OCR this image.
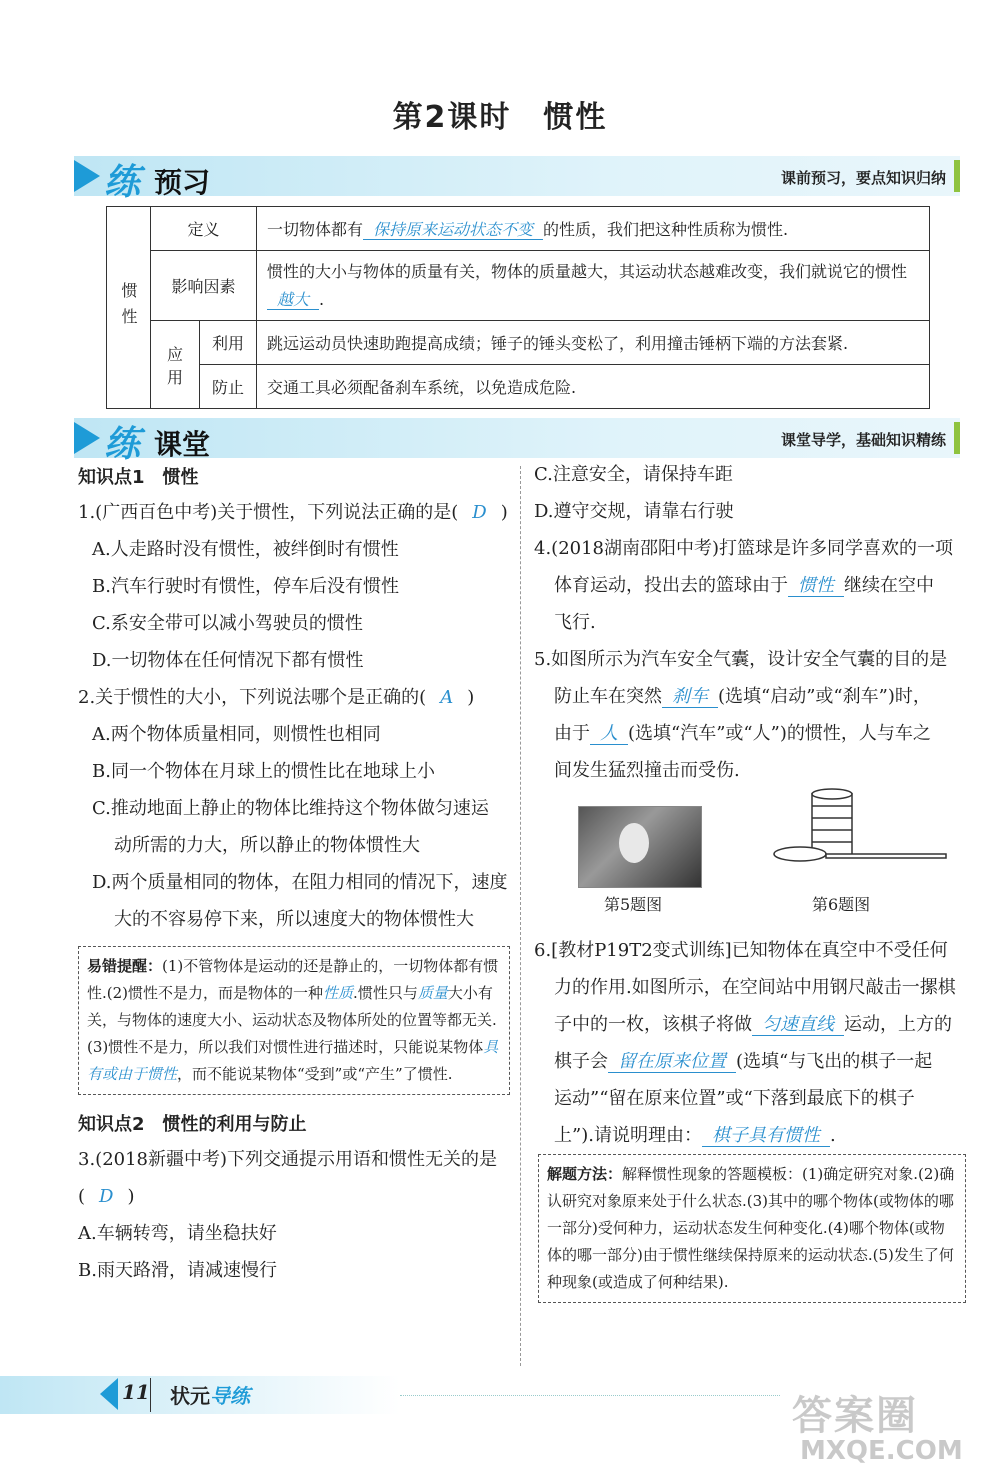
第2课时　惯性
练 预习	课前预习，要点知识归纳
惯性	定义		一切物体都有 保持原来运动状态不变 的性质，我们把这种性质称为惯性.
	影响因素		惯性的大小与物体的质量有关，物体的质量越大，其运动状态越难改变，我们就说它的惯性越大 .
	应用	利用	跳远运动员快速助跑提高成绩；锤子的锤头变松了，利用撞击锤柄下端的方法套紧.
		防止	交通工具必须配备刹车系统，以免造成危险.
练 课堂	课堂导学，基础知识精练
知识点1　惯性
1.(广西百色中考)关于惯性，下列说法正确的是( D )
A.人走路时没有惯性，被绊倒时有惯性
B.汽车行驶时有惯性，停车后没有惯性
C.系安全带可以减小驾驶员的惯性
D.一切物体在任何情况下都有惯性
2.关于惯性的大小，下列说法哪个是正确的( A )
A.两个物体质量相同，则惯性也相同
B.同一个物体在月球上的惯性比在地球上小
C.推动地面上静止的物体比维持这个物体做匀速运
动所需的力大，所以静止的物体惯性大
D.两个质量相同的物体，在阻力相同的情况下，速度
大的不容易停下来，所以速度大的物体惯性大
易错提醒：(1)不管物体是运动的还是静止的，一切物体都有惯性.(2)惯性不是力，而是物体的一种性质.惯性只与质量大小有关，与物体的速度大小、运动状态及物体所处的位置等都无关.(3)惯性不是力，所以我们对惯性进行描述时，只能说某物体具有或由于惯性，而不能说某物体“受到”或“产生”了惯性.
知识点2　惯性的利用与防止
3.(2018新疆中考)下列交通提示用语和惯性无关的是
( D )
A.车辆转弯，请坐稳扶好
B.雨天路滑，请减速慢行
C.注意安全，请保持车距
D.遵守交规，请靠右行驶
4.(2018湖南邵阳中考)打篮球是许多同学喜欢的一项
体育运动，投出去的篮球由于 惯性 继续在空中
飞行.
5.如图所示为汽车安全气囊，设计安全气囊的目的是
防止车在突然 刹车 (选填“启动”或“刹车”)时，
由于 人 (选填“汽车”或“人”)的惯性，人与车之
间发生猛烈撞击而受伤.
第5题图	第6题图
6.[教材P19T2变式训练]已知物体在真空中不受任何
力的作用.如图所示，在空间站中用钢尺敲击一摞棋
子中的一枚，该棋子将做 匀速直线 运动，上方的
棋子会 留在原来位置 (选填“与飞出的棋子一起
运动”“留在原来位置”或“下落到最底下的棋子
上”).请说明理由： 棋子具有惯性 .
解题方法：解释惯性现象的答题模板：(1)确定研究对象.(2)确认研究对象原来处于什么状态.(3)其中的哪个物体(或物体的哪一部分)受何种力，运动状态发生何种变化.(4)哪个物体(或物体的哪一部分)由于惯性继续保持原来的运动状态.(5)发生了何种现象(或造成了何种结果).
11 状元导练	答案圈
MXQE.COM
